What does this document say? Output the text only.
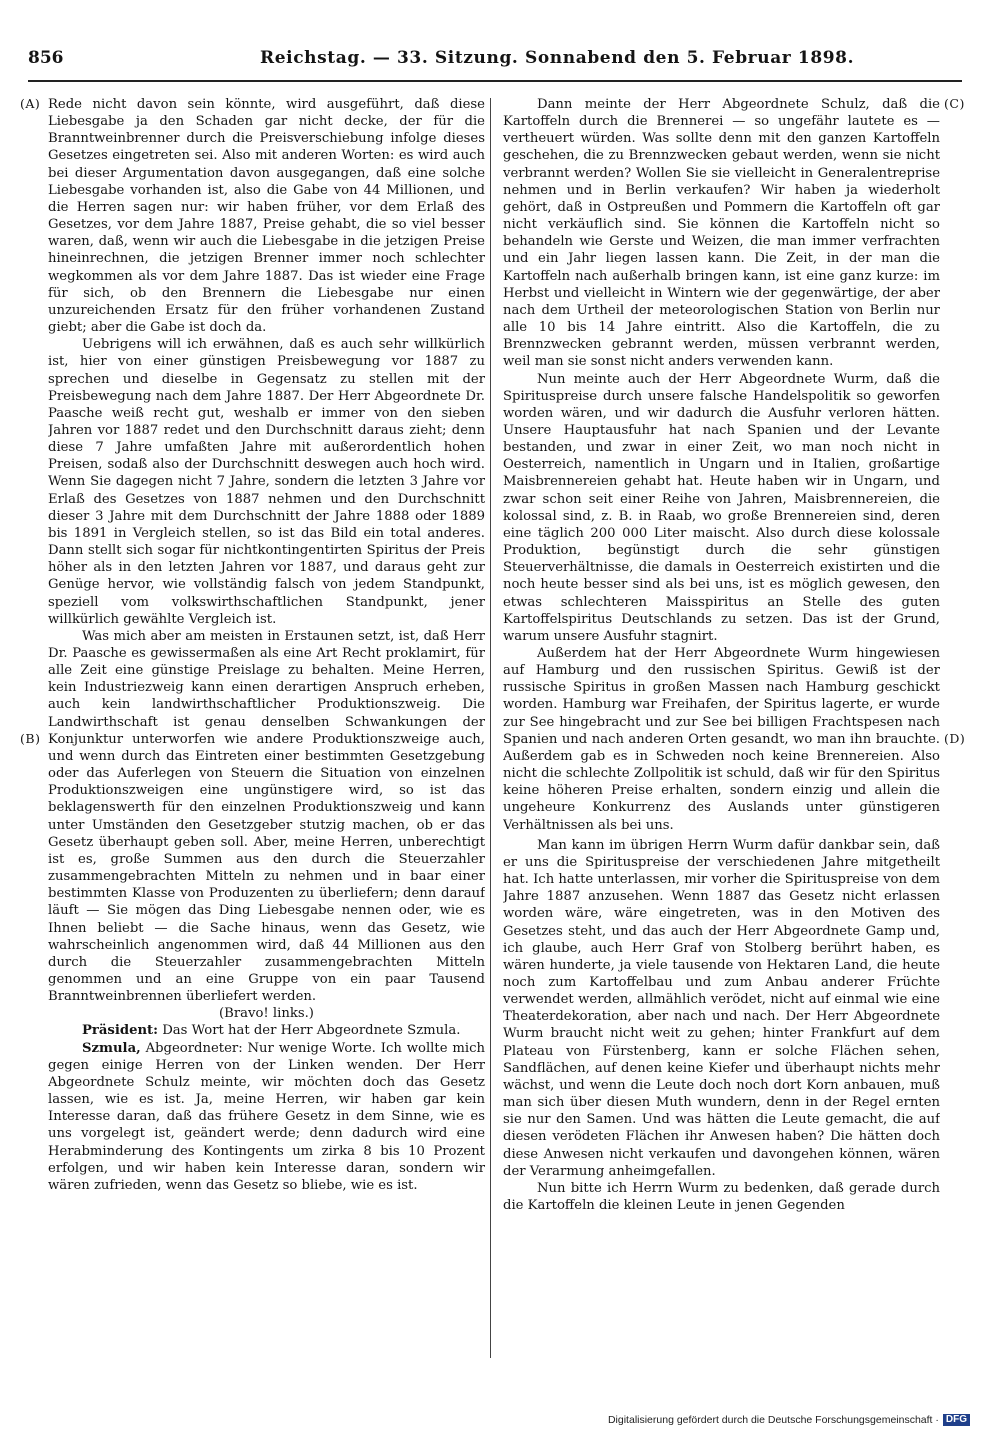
856	Reichstag. — 33. Sitzung. Sonnabend den 5. Februar 1898.
(A)
(B)
(C)
(D)

Rede nicht davon sein könnte, wird ausgeführt, daß diese Liebesgabe ja den Schaden gar nicht decke, der für die Branntweinbrenner durch die Preisverschiebung infolge dieses Gesetzes eingetreten sei. Also mit anderen Worten: es wird auch bei dieser Argumentation davon ausgegangen, daß eine solche Liebesgabe vorhanden ist, also die Gabe von 44 Millionen, und die Herren sagen nur: wir haben früher, vor dem Erlaß des Gesetzes, vor dem Jahre 1887, Preise gehabt, die so viel besser waren, daß, wenn wir auch die Liebesgabe in die jetzigen Preise hineinrechnen, die jetzigen Brenner immer noch schlechter wegkommen als vor dem Jahre 1887. Das ist wieder eine Frage für sich, ob den Brennern die Liebesgabe nur einen unzureichenden Ersatz für den früher vorhandenen Zustand giebt; aber die Gabe ist doch da.

Uebrigens will ich erwähnen, daß es auch sehr willkürlich ist, hier von einer günstigen Preisbewegung vor 1887 zu sprechen und dieselbe in Gegensatz zu stellen mit der Preisbewegung nach dem Jahre 1887. Der Herr Abgeordnete Dr. Paasche weiß recht gut, weshalb er immer von den sieben Jahren vor 1887 redet und den Durchschnitt daraus zieht; denn diese 7 Jahre umfaßten Jahre mit außerordentlich hohen Preisen, sodaß also der Durchschnitt deswegen auch hoch wird. Wenn Sie dagegen nicht 7 Jahre, sondern die letzten 3 Jahre vor Erlaß des Gesetzes von 1887 nehmen und den Durchschnitt dieser 3 Jahre mit dem Durchschnitt der Jahre 1888 oder 1889 bis 1891 in Vergleich stellen, so ist das Bild ein total anderes. Dann stellt sich sogar für nichtkontingentirten Spiritus der Preis höher als in den letzten Jahren vor 1887, und daraus geht zur Genüge hervor, wie vollständig falsch von jedem Standpunkt, speziell vom volkswirthschaftlichen Standpunkt, jener willkürlich gewählte Vergleich ist.

Was mich aber am meisten in Erstaunen setzt, ist, daß Herr Dr. Paasche es gewissermaßen als eine Art Recht proklamirt, für alle Zeit eine günstige Preislage zu behalten. Meine Herren, kein Industriezweig kann einen derartigen Anspruch erheben, auch kein landwirthschaftlicher Produktionszweig. Die Landwirthschaft ist genau denselben Schwankungen der Konjunktur unterworfen wie andere Produktionszweige auch, und wenn durch das Eintreten einer bestimmten Gesetzgebung oder das Auferlegen von Steuern die Situation von einzelnen Produktionszweigen eine ungünstigere wird, so ist das beklagenswerth für den einzelnen Produktionszweig und kann unter Umständen den Gesetzgeber stutzig machen, ob er das Gesetz überhaupt geben soll. Aber, meine Herren, unberechtigt ist es, große Summen aus den durch die Steuerzahler zusammengebrachten Mitteln zu nehmen und in baar einer bestimmten Klasse von Produzenten zu überliefern; denn darauf läuft — Sie mögen das Ding Liebesgabe nennen oder, wie es Ihnen beliebt — die Sache hinaus, wenn das Gesetz, wie wahrscheinlich angenommen wird, daß 44 Millionen aus den durch die Steuerzahler zusammengebrachten Mitteln genommen und an eine Gruppe von ein paar Tausend Branntweinbrennen überliefert werden.

(Bravo! links.)

Präsident: Das Wort hat der Herr Abgeordnete Szmula.

Szmula, Abgeordneter: Nur wenige Worte. Ich wollte mich gegen einige Herren von der Linken wenden. Der Herr Abgeordnete Schulz meinte, wir möchten doch das Gesetz lassen, wie es ist. Ja, meine Herren, wir haben gar kein Interesse daran, daß das frühere Gesetz in dem Sinne, wie es uns vorgelegt ist, geändert werde; denn dadurch wird eine Herabminderung des Kontingents um zirka 8 bis 10 Prozent erfolgen, und wir haben kein Interesse daran, sondern wir wären zufrieden, wenn das Gesetz so bliebe, wie es ist.

Dann meinte der Herr Abgeordnete Schulz, daß die Kartoffeln durch die Brennerei — so ungefähr lautete es — vertheuert würden. Was sollte denn mit den ganzen Kartoffeln geschehen, die zu Brennzwecken gebaut werden, wenn sie nicht verbrannt werden? Wollen Sie sie vielleicht in Generalentreprise nehmen und in Berlin verkaufen? Wir haben ja wiederholt gehört, daß in Ostpreußen und Pommern die Kartoffeln oft gar nicht verkäuflich sind. Sie können die Kartoffeln nicht so behandeln wie Gerste und Weizen, die man immer verfrachten und ein Jahr liegen lassen kann. Die Zeit, in der man die Kartoffeln nach außerhalb bringen kann, ist eine ganz kurze: im Herbst und vielleicht in Wintern wie der gegenwärtige, der aber nach dem Urtheil der meteorologischen Station von Berlin nur alle 10 bis 14 Jahre eintritt. Also die Kartoffeln, die zu Brennzwecken gebrannt werden, müssen verbrannt werden, weil man sie sonst nicht anders verwenden kann.

Nun meinte auch der Herr Abgeordnete Wurm, daß die Spirituspreise durch unsere falsche Handelspolitik so geworfen worden wären, und wir dadurch die Ausfuhr verloren hätten. Unsere Hauptausfuhr hat nach Spanien und der Levante bestanden, und zwar in einer Zeit, wo man noch nicht in Oesterreich, namentlich in Ungarn und in Italien, großartige Maisbrennereien gehabt hat. Heute haben wir in Ungarn, und zwar schon seit einer Reihe von Jahren, Maisbrennereien, die kolossal sind, z. B. in Raab, wo große Brennereien sind, deren eine täglich 200 000 Liter maischt. Also durch diese kolossale Produktion, begünstigt durch die sehr günstigen Steuerverhältnisse, die damals in Oesterreich existirten und die noch heute besser sind als bei uns, ist es möglich gewesen, den etwas schlechteren Maisspiritus an Stelle des guten Kartoffelspiritus Deutschlands zu setzen. Das ist der Grund, warum unsere Ausfuhr stagnirt.

Außerdem hat der Herr Abgeordnete Wurm hingewiesen auf Hamburg und den russischen Spiritus. Gewiß ist der russische Spiritus in großen Massen nach Hamburg geschickt worden. Hamburg war Freihafen, der Spiritus lagerte, er wurde zur See hingebracht und zur See bei billigen Frachtspesen nach Spanien und nach anderen Orten gesandt, wo man ihn brauchte. Außerdem gab es in Schweden noch keine Brennereien. Also nicht die schlechte Zollpolitik ist schuld, daß wir für den Spiritus keine höheren Preise erhalten, sondern einzig und allein die ungeheure Konkurrenz des Auslands unter günstigeren Verhältnissen als bei uns.

Man kann im übrigen Herrn Wurm dafür dankbar sein, daß er uns die Spirituspreise der verschiedenen Jahre mitgetheilt hat. Ich hatte unterlassen, mir vorher die Spirituspreise von dem Jahre 1887 anzusehen. Wenn 1887 das Gesetz nicht erlassen worden wäre, wäre eingetreten, was in den Motiven des Gesetzes steht, und das auch der Herr Abgeordnete Gamp und, ich glaube, auch Herr Graf von Stolberg berührt haben, es wären hunderte, ja viele tausende von Hektaren Land, die heute noch zum Kartoffelbau und zum Anbau anderer Früchte verwendet werden, allmählich verödet, nicht auf einmal wie eine Theaterdekoration, aber nach und nach. Der Herr Abgeordnete Wurm braucht nicht weit zu gehen; hinter Frankfurt auf dem Plateau von Fürstenberg, kann er solche Flächen sehen, Sandflächen, auf denen keine Kiefer und überhaupt nichts mehr wächst, und wenn die Leute doch noch dort Korn anbauen, muß man sich über diesen Muth wundern, denn in der Regel ernten sie nur den Samen. Und was hätten die Leute gemacht, die auf diesen verödeten Flächen ihr Anwesen haben? Die hätten doch diese Anwesen nicht verkaufen und davongehen können, wären der Verarmung anheimgefallen.

Nun bitte ich Herrn Wurm zu bedenken, daß gerade durch die Kartoffeln die kleinen Leute in jenen Gegenden

Digitalisierung gefördert durch die Deutsche Forschungsgemeinschaft · DFG
